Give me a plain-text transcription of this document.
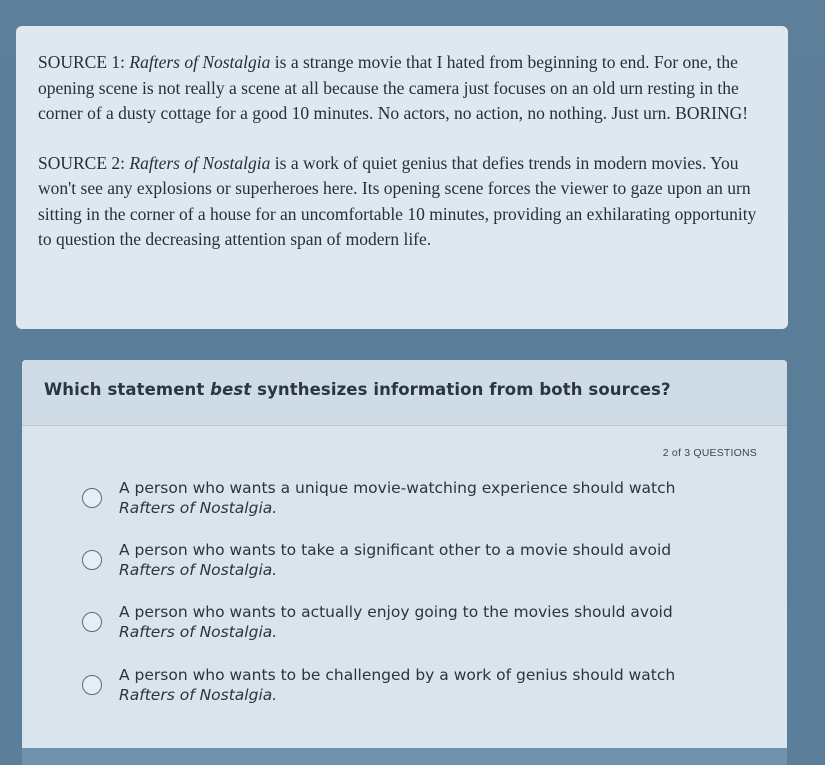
SOURCE 1: Rafters of Nostalgia is a strange movie that I hated from beginning to end. For one, the opening scene is not really a scene at all because the camera just focuses on an old urn resting in the corner of a dusty cottage for a good 10 minutes. No actors, no action, no nothing. Just urn. BORING!

SOURCE 2: Rafters of Nostalgia is a work of quiet genius that defies trends in modern movies. You won't see any explosions or superheroes here. Its opening scene forces the viewer to gaze upon an urn sitting in the corner of a house for an uncomfortable 10 minutes, providing an exhilarating opportunity to question the decreasing attention span of modern life.

Which statement best synthesizes information from both sources?
2 of 3 QUESTIONS
A person who wants a unique movie-watching experience should watch
Rafters of Nostalgia.
A person who wants to take a significant other to a movie should avoid
Rafters of Nostalgia.
A person who wants to actually enjoy going to the movies should avoid
Rafters of Nostalgia.
A person who wants to be challenged by a work of genius should watch
Rafters of Nostalgia.
